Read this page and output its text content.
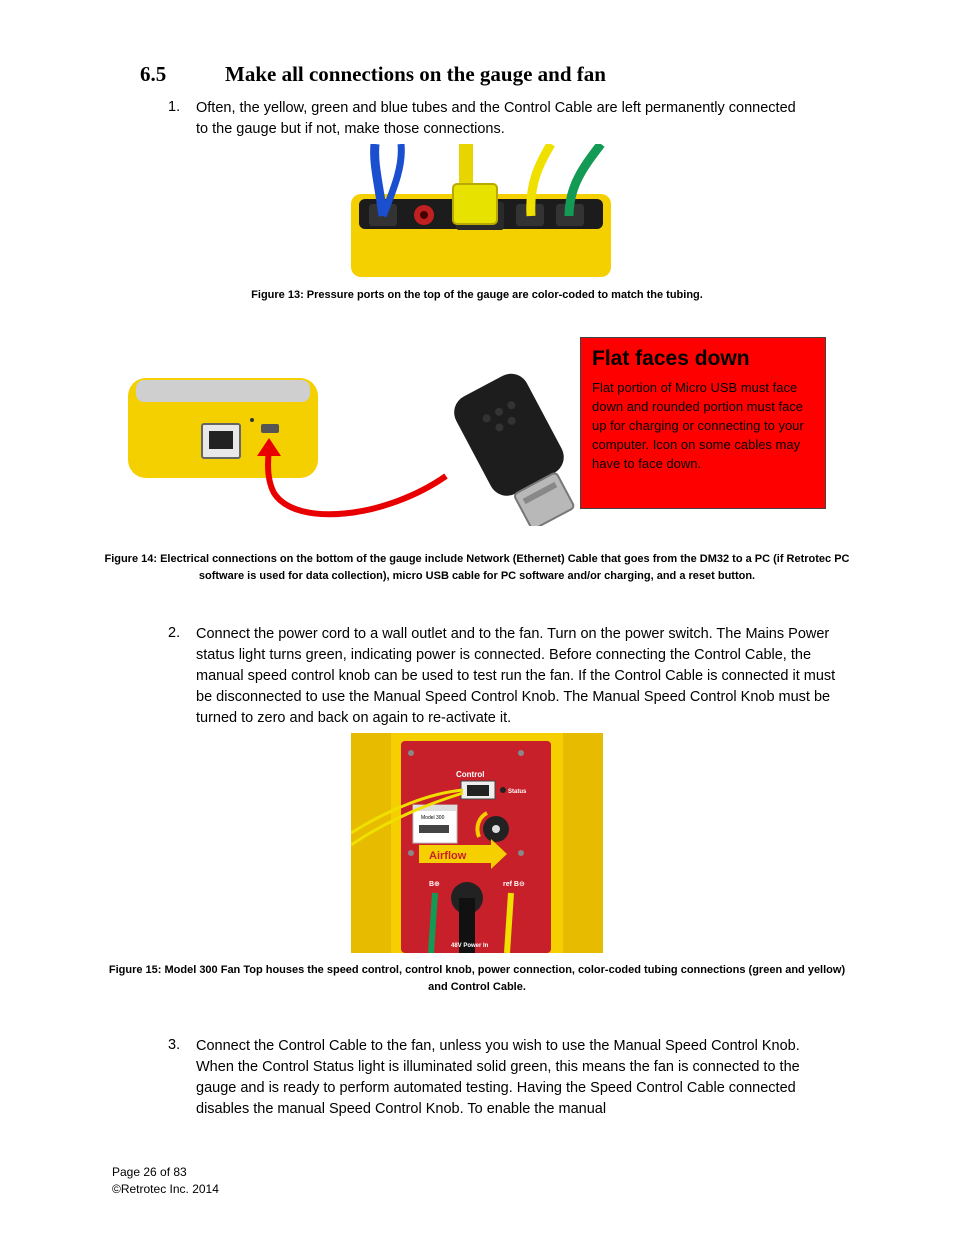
6.5	Make all connections on the gauge and fan
1. Often, the yellow, green and blue tubes and the Control Cable are left permanently connected to the gauge but if not, make those connections.
Figure 13: Pressure ports on the top of the gauge are color-coded to match the tubing.
Flat faces down
Flat portion of Micro USB must face down and rounded portion must face up for charging or connecting to your computer. Icon on some cables may have to face down.
Figure 14: Electrical connections on the bottom of the gauge include Network (Ethernet) Cable that goes from the DM32 to a PC (if Retrotec PC software is used for data collection), micro USB cable for PC software and/or charging, and a reset button.
2. Connect the power cord to a wall outlet and to the fan. Turn on the power switch. The Mains Power status light turns green, indicating power is connected. Before connecting the Control Cable, the manual speed control knob can be used to test run the fan. If the Control Cable is connected it must be disconnected to use the Manual Speed Control Knob. The Manual Speed Control Knob must be turned to zero and back on again to re-activate it.
Control
Status
Model 300
Airflow
B⊕	ref B⊖
48V Power In
Figure 15: Model 300 Fan Top houses the speed control, control knob, power connection, color-coded tubing connections (green and yellow) and Control Cable.
3. Connect the Control Cable to the fan, unless you wish to use the Manual Speed Control Knob. When the Control Status light is illuminated solid green, this means the fan is connected to the gauge and is ready to perform automated testing. Having the Speed Control Cable connected disables the manual Speed Control Knob. To enable the manual
Page 26 of 83
©Retrotec Inc. 2014
